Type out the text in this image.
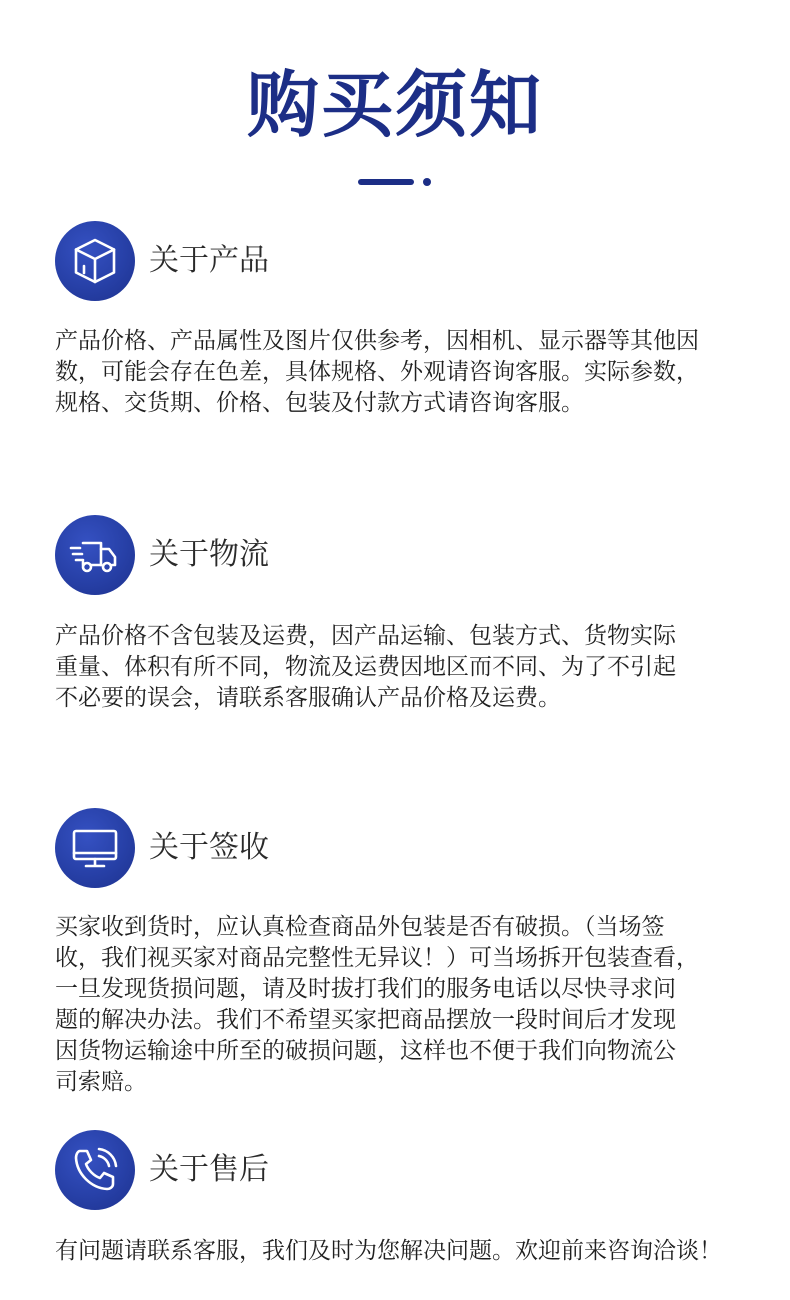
购买须知
关于产品
产品价格、产品属性及图片仅供参考，因相机、显示器等其他因
数，可能会存在色差，具体规格、外观请咨询客服。实际参数，
规格、交货期、价格、包装及付款方式请咨询客服。
关于物流
产品价格不含包装及运费，因产品运输、包装方式、货物实际
重量、体积有所不同，物流及运费因地区而不同、为了不引起
不必要的误会，请联系客服确认产品价格及运费。
关于签收
买家收到货时，应认真检查商品外包装是否有破损。（当场签
收，我们视买家对商品完整性无异议！）可当场拆开包装查看，
一旦发现货损问题，请及时拔打我们的服务电话以尽快寻求问
题的解决办法。我们不希望买家把商品摆放一段时间后才发现
因货物运输途中所至的破损问题，这样也不便于我们向物流公
司索赔。
关于售后
有问题请联系客服，我们及时为您解决问题。欢迎前来咨询洽谈！
